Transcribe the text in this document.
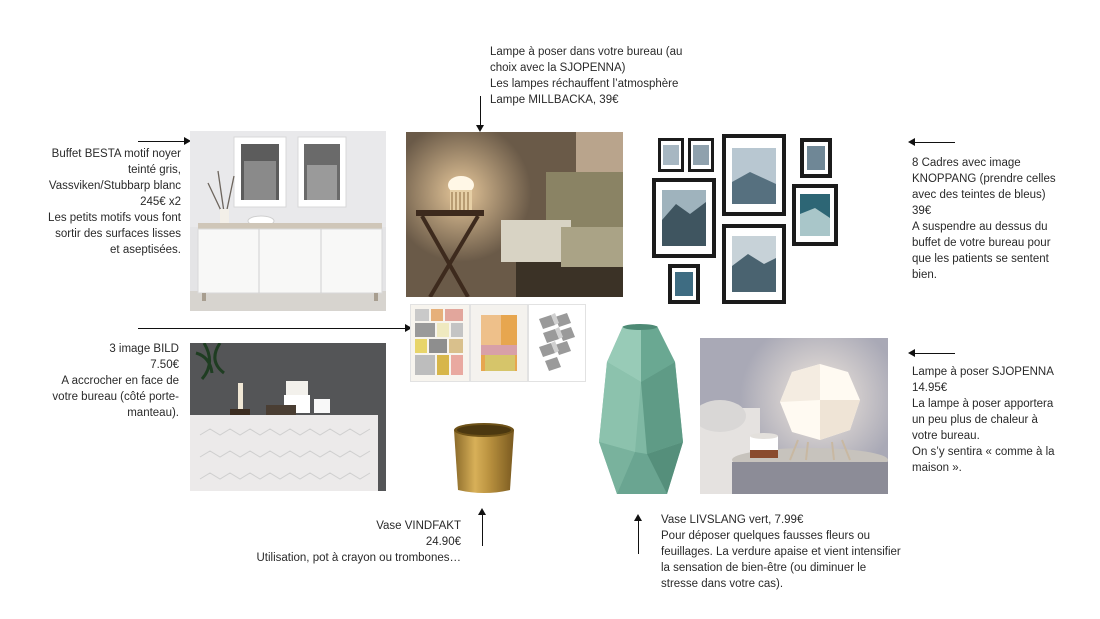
Lampe à poser dans votre bureau (au
choix avec la SJOPENNA)
Les lampes réchauffent l’atmosphère
Lampe MILLBACKA, 39€
Buffet BESTA motif noyer
teinté gris,
Vassviken/Stubbarp blanc
245€ x2
Les petits motifs vous font
sortir des surfaces lisses
et aseptisées.
8 Cadres avec image
KNOPPANG (prendre celles
avec des teintes de bleus)
39€
A suspendre au dessus du
buffet de votre bureau pour
que les patients se sentent
bien.
3 image BILD
7.50€
A accrocher en face de
votre bureau (côté porte-
manteau).
Lampe à poser SJOPENNA
14.95€
La lampe à poser apportera
un peu plus de chaleur à
votre bureau.
On s’y sentira « comme à la
maison ».
Vase VINDFAKT
24.90€
Utilisation, pot à crayon ou trombones…
Vase LIVSLANG vert, 7.99€
Pour déposer quelques fausses fleurs ou
feuillages. La verdure apaise et vient intensifier
la sensation de bien-être (ou diminuer le
stresse dans votre cas).
